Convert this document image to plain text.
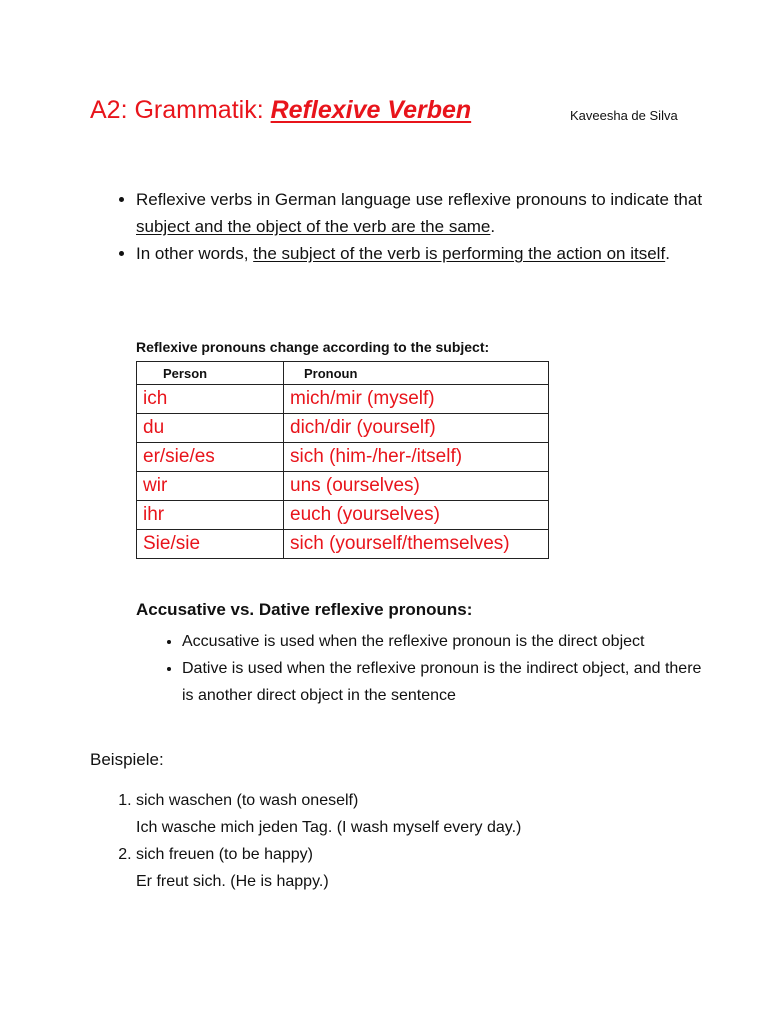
A2: Grammatik: Reflexive Verben	Kaveesha de Silva
• Reflexive verbs in German language use reflexive pronouns to indicate that subject and the object of the verb are the same.
• In other words, the subject of the verb is performing the action on itself.
Reflexive pronouns change according to the subject:
Person	Pronoun
ich	mich/mir (myself)
du	dich/dir (yourself)
er/sie/es	sich (him-/her-/itself)
wir	uns (ourselves)
ihr	euch (yourselves)
Sie/sie	sich (yourself/themselves)
Accusative vs. Dative reflexive pronouns:
• Accusative is used when the reflexive pronoun is the direct object
• Dative is used when the reflexive pronoun is the indirect object, and there is another direct object in the sentence
Beispiele:
1. sich waschen (to wash oneself)
Ich wasche mich jeden Tag. (I wash myself every day.)
2. sich freuen (to be happy)
Er freut sich. (He is happy.)
